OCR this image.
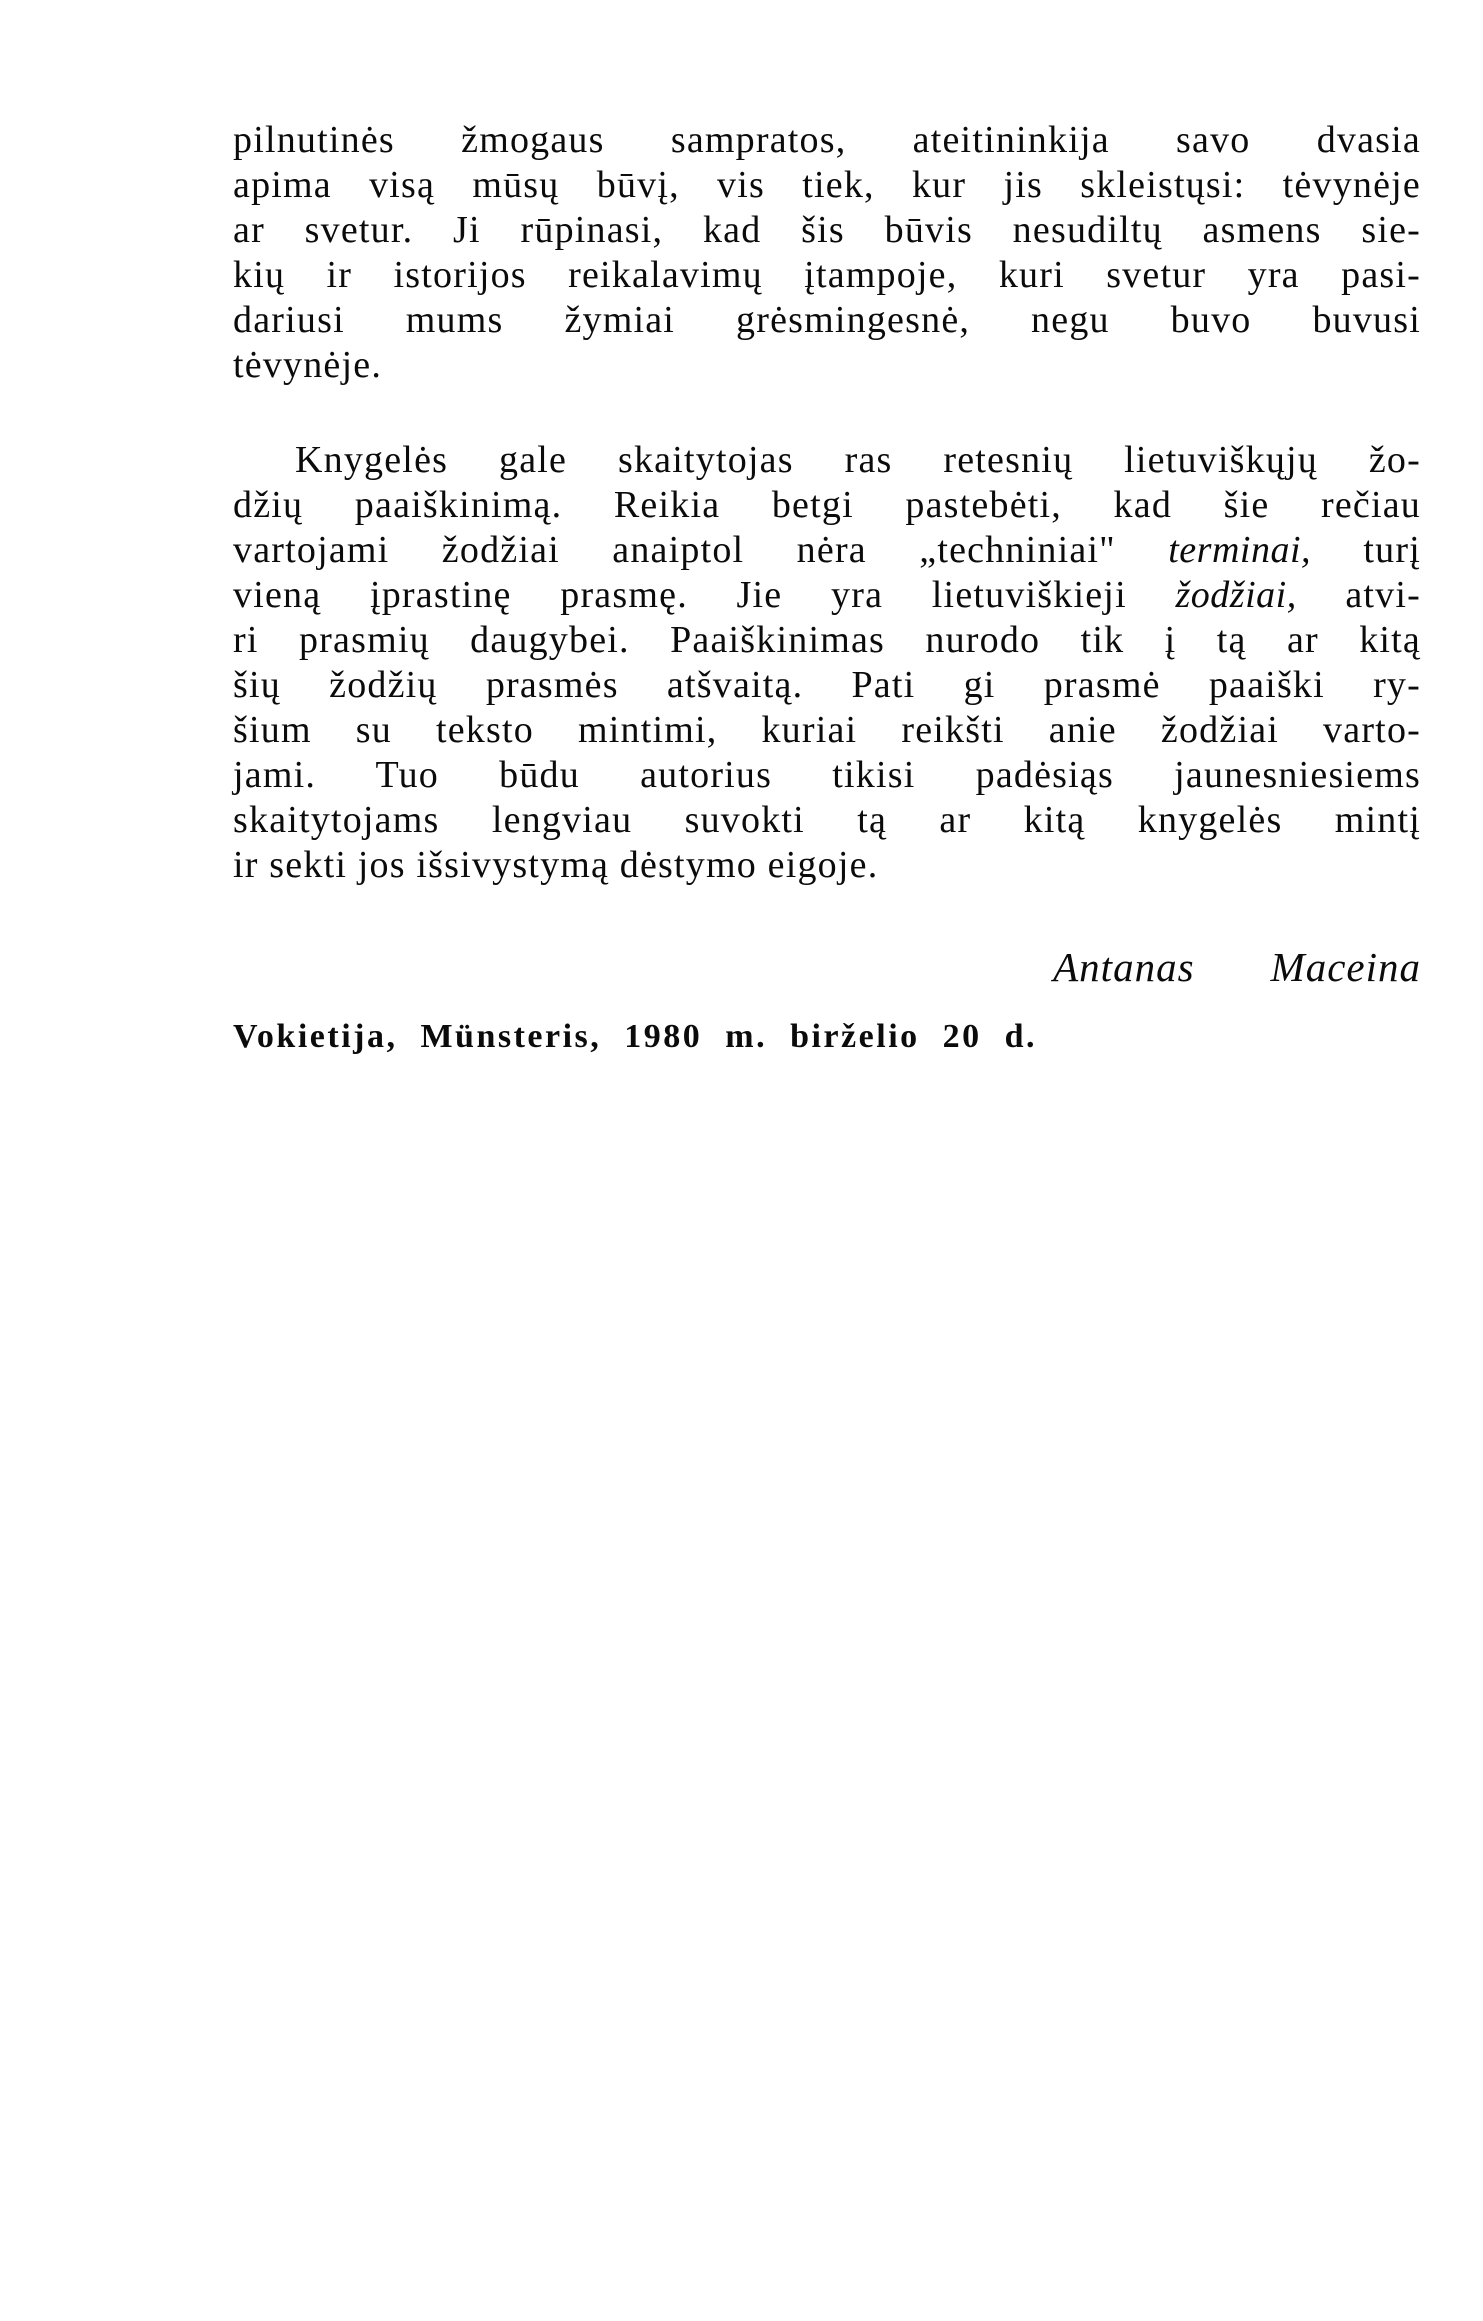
pilnutinės žmogaus sampratos, ateitininkija savo dvasia
apima visą mūsų būvį, vis tiek, kur jis skleistųsi: tėvynėje
ar svetur. Ji rūpinasi, kad šis būvis nesudiltų asmens sie-
kių ir istorijos reikalavimų įtampoje, kuri svetur yra pasi-
dariusi mums žymiai grėsmingesnė, negu buvo buvusi
tėvynėje.
Knygelės gale skaitytojas ras retesnių lietuviškųjų žo-
džių paaiškinimą. Reikia betgi pastebėti, kad šie rečiau
vartojami žodžiai anaiptol nėra „techniniai" terminai, turį
vieną įprastinę prasmę. Jie yra lietuviškieji žodžiai, atvi-
ri prasmių daugybei. Paaiškinimas nurodo tik į tą ar kitą
šių žodžių prasmės atšvaitą. Pati gi prasmė paaiški ry-
šium su teksto mintimi, kuriai reikšti anie žodžiai varto-
jami. Tuo būdu autorius tikisi padėsiąs jaunesniesiems
skaitytojams lengviau suvokti tą ar kitą knygelės mintį
ir sekti jos išsivystymą dėstymo eigoje.
Antanas Maceina
Vokietija, Münsteris, 1980 m. birželio 20 d.
